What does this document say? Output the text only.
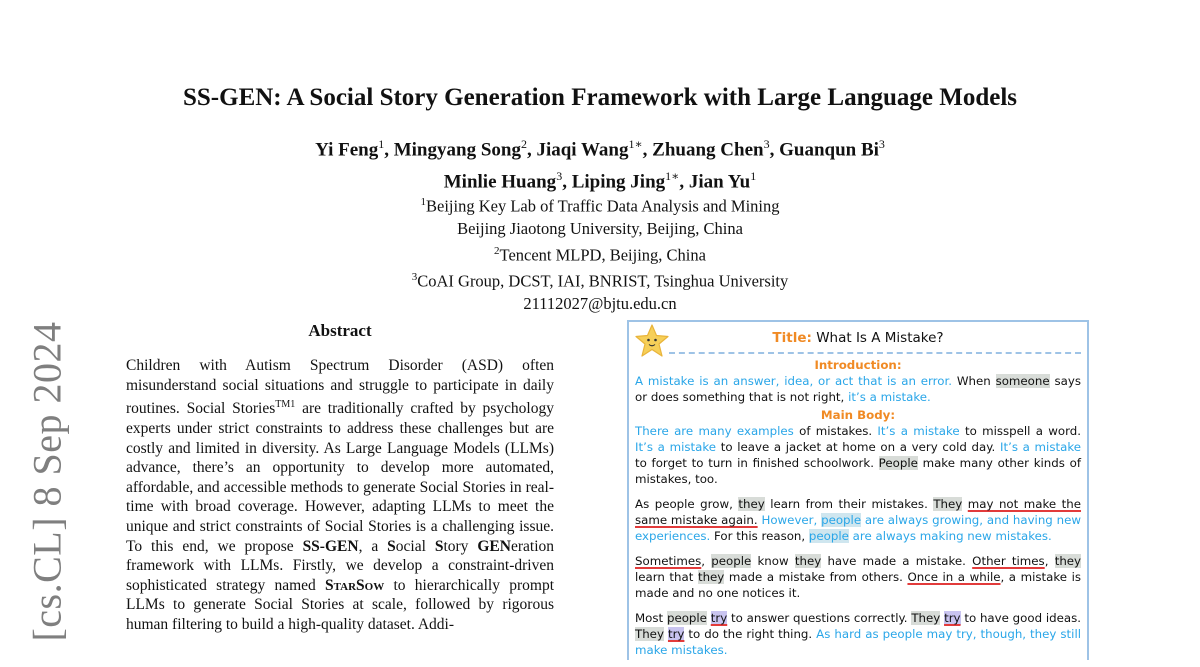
[cs.CL] 8 Sep 2024
SS-GEN: A Social Story Generation Framework with Large Language Models
Yi Feng$^1$, Mingyang Song$^2$, Jiaqi Wang$^{1∗}$, Zhuang Chen$^3$, Guanqun Bi$^3$
Minlie Huang$^3$, Liping Jing$^{1∗}$, Jian Yu$^1$
$^1$Beijing Key Lab of Traffic Data Analysis and Mining
Beijing Jiaotong University, Beijing, China
$^2$Tencent MLPD, Beijing, China
$^3$CoAI Group, DCST, IAI, BNRIST, Tsinghua University
21112027@bjtu.edu.cn
Abstract

Children with Autism Spectrum Disorder (ASD) often misunderstand social situations and struggle to participate in daily routines. Social Stories$^{TM1}$ are traditionally crafted by psychology experts under strict constraints to address these challenges but are costly and limited in diversity. As Large Language Models (LLMs) advance, there’s an opportunity to develop more automated, affordable, and accessible methods to generate Social Stories in real-time with broad coverage. However, adapting LLMs to meet the unique and strict constraints of Social Stories is a challenging issue. To this end, we propose SS-GEN, a Social Story GENeration framework with LLMs. Firstly, we develop a constraint-driven sophisticated strategy named StarSow to hierarchically prompt LLMs to generate Social Stories at scale, followed by rigorous human filtering to build a high-quality dataset. Addi-

Title: What Is A Mistake?
Introduction:

A mistake is an answer, idea, or act that is an error. When someone says or does something that is not right, it’s a mistake.

Main Body:

There are many examples of mistakes. It’s a mistake to misspell a word. It’s a mistake to leave a jacket at home on a very cold day. It’s a mistake to forget to turn in finished schoolwork. People make many other kinds of mistakes, too.

As people grow, they learn from their mistakes. They may not make the same mistake again. However, people are always growing, and having new experiences. For this reason, people are always making new mistakes.

Sometimes, people know they have made a mistake. Other times, they learn that they made a mistake from others. Once in a while, a mistake is made and no one notices it.

Most people try to answer questions correctly. They try to have good ideas. They try to do the right thing. As hard as people may try, though, they still make mistakes.
